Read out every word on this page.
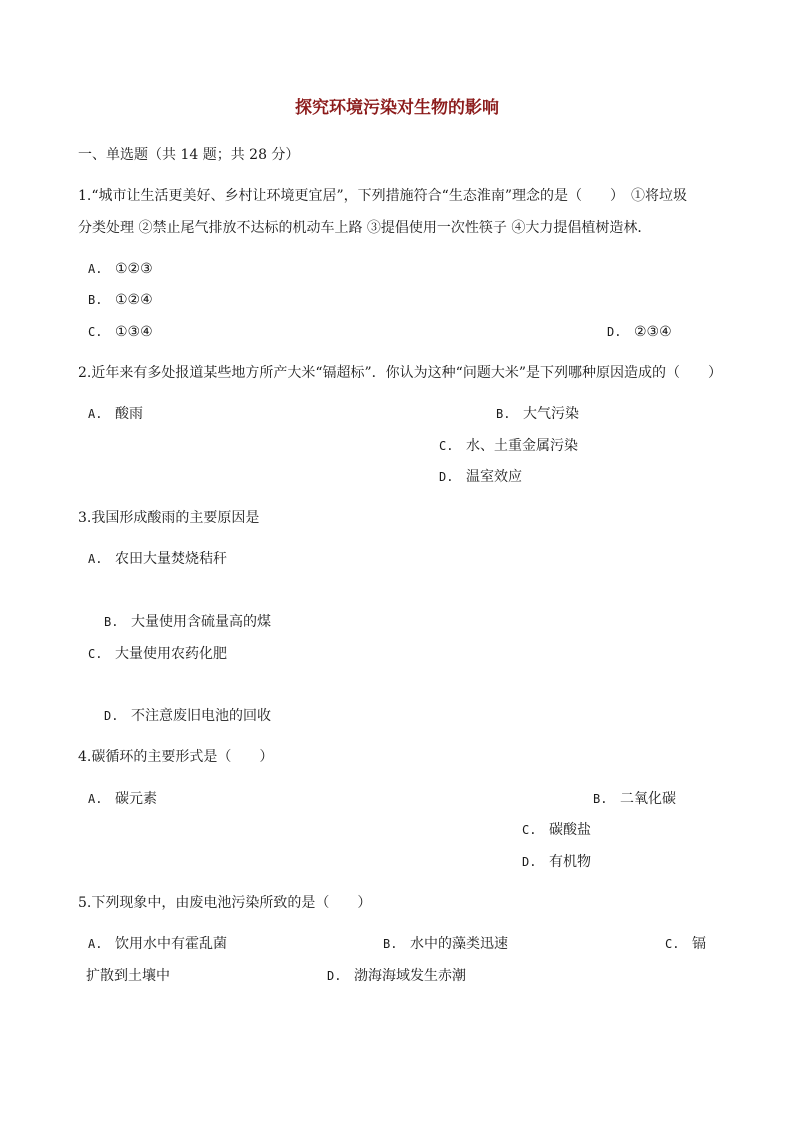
探究环境污染对生物的影响
一、单选题（共 14 题；共 28 分）
1.“城市让生活更美好、乡村让环境更宜居”，下列措施符合“生态淮南”理念的是（　　）　①将垃圾
分类处理 ②禁止尾气排放不达标的机动车上路 ③提倡使用一次性筷子 ④大力提倡植树造林．
A. ①②③
B. ①②④
C. ①③④	D. ②③④
2.近年来有多处报道某些地方所产大米“镉超标”．你认为这种“问题大米”是下列哪种原因造成的（　　）
A. 酸雨	B. 大气污染
C. 水、土重金属污染
D. 温室效应
3.我国形成酸雨的主要原因是
A. 农田大量焚烧秸秆
B. 大量使用含硫量高的煤
C. 大量使用农药化肥
D. 不注意废旧电池的回收
4.碳循环的主要形式是（　　）
A. 碳元素	B. 二氧化碳
C. 碳酸盐
D. 有机物
5.下列现象中，由废电池污染所致的是（　　）
A. 饮用水中有霍乱菌	B. 水中的藻类迅速	C. 镉
扩散到土壤中	D. 渤海海域发生赤潮
